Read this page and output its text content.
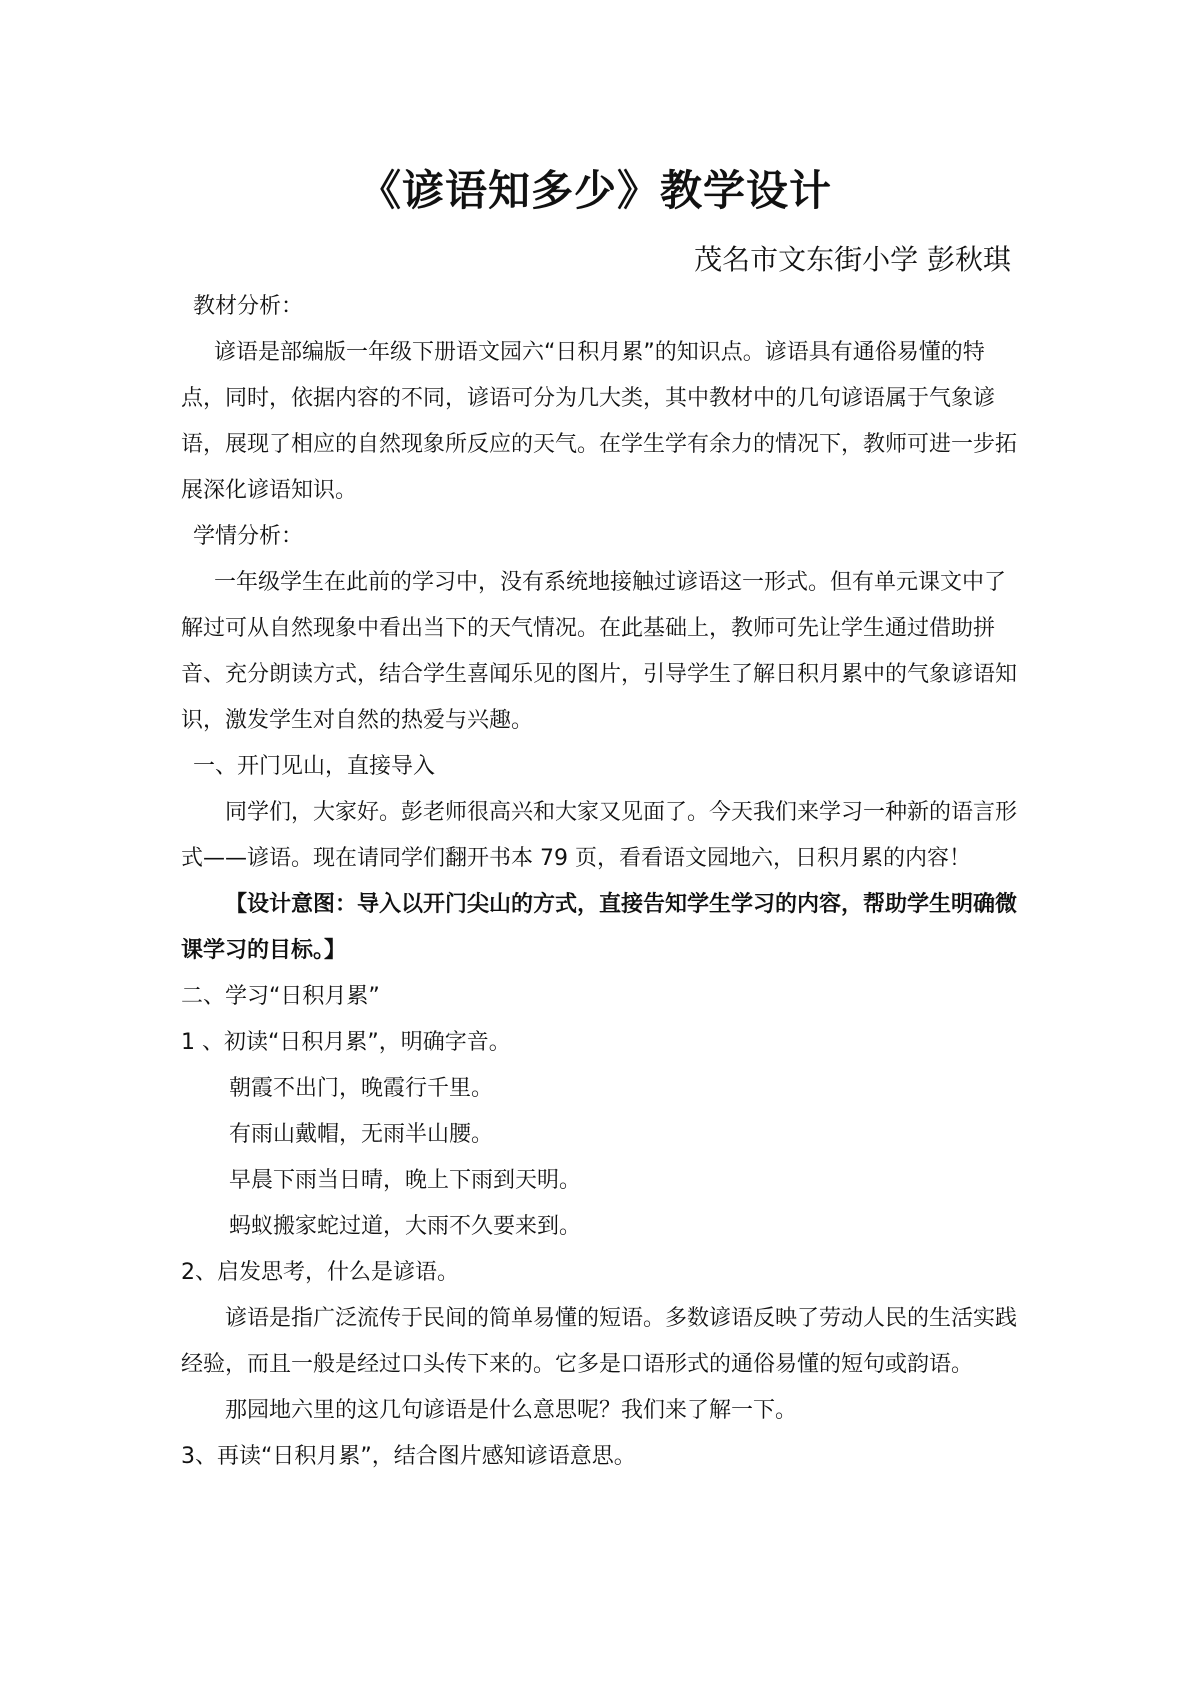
《谚语知多少》教学设计
茂名市文东街小学 彭秋琪

教材分析：

谚语是部编版一年级下册语文园六“日积月累”的知识点。谚语具有通俗易懂的特点，同时，依据内容的不同，谚语可分为几大类，其中教材中的几句谚语属于气象谚语，展现了相应的自然现象所反应的天气。在学生学有余力的情况下，教师可进一步拓展深化谚语知识。

学情分析：

一年级学生在此前的学习中，没有系统地接触过谚语这一形式。但有单元课文中了解过可从自然现象中看出当下的天气情况。在此基础上，教师可先让学生通过借助拼音、充分朗读方式，结合学生喜闻乐见的图片，引导学生了解日积月累中的气象谚语知识，激发学生对自然的热爱与兴趣。

一、开门见山，直接导入

同学们，大家好。彭老师很高兴和大家又见面了。今天我们来学习一种新的语言形式——谚语。现在请同学们翻开书本 79 页，看看语文园地六，日积月累的内容！

【设计意图：导入以开门尖山的方式，直接告知学生学习的内容，帮助学生明确微课学习的目标。】

二、学习“日积月累”

1 、初读“日积月累”，明确字音。

朝霞不出门，晚霞行千里。

有雨山戴帽，无雨半山腰。

早晨下雨当日晴，晚上下雨到天明。

蚂蚁搬家蛇过道，大雨不久要来到。

2、启发思考，什么是谚语。

谚语是指广泛流传于民间的简单易懂的短语。多数谚语反映了劳动人民的生活实践经验，而且一般是经过口头传下来的。它多是口语形式的通俗易懂的短句或韵语。

那园地六里的这几句谚语是什么意思呢？我们来了解一下。

3、再读“日积月累”，结合图片感知谚语意思。
